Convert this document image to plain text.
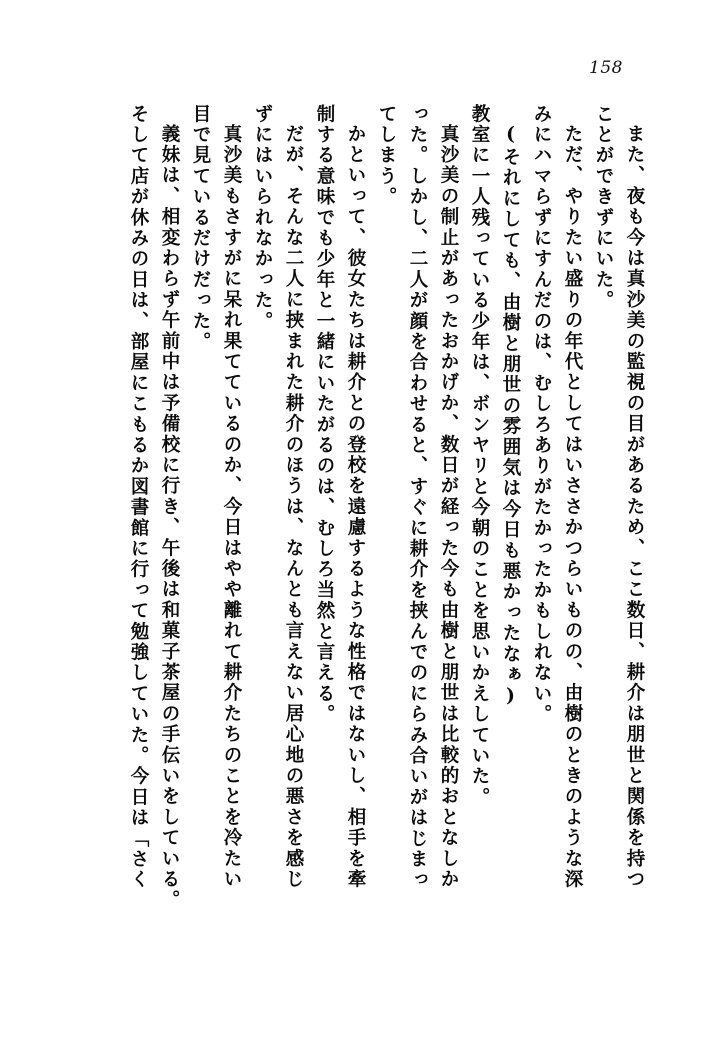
158
また、夜も今は真沙美の監視の目があるため、ここ数日、耕介は朋世と関係を持つ
ことができずにいた。
ただ、やりたい盛りの年代としてはいささかつらいものの、由樹のときのような深
みにハマらずにすんだのは、むしろありがたかったかもしれない。
(それにしても、由樹と朋世の雰囲気は今日も悪かったなぁ)
教室に一人残っている少年は、ボンヤリと今朝のことを思いかえしていた。
真沙美の制止があったおかげか、数日が経った今も由樹と朋世は比較的おとなしか
った。しかし、二人が顔を合わせると、すぐに耕介を挟んでのにらみ合いがはじまっ
てしまう。
かといって、彼女たちは耕介との登校を遠慮するような性格ではないし、相手を牽
制する意味でも少年と一緒にいたがるのは、むしろ当然と言える。
だが、そんな二人に挟まれた耕介のほうは、なんとも言えない居心地の悪さを感じ
ずにはいられなかった。
真沙美もさすがに呆れ果てているのか、今日はやや離れて耕介たちのことを冷たい
目で見ているだけだった。
義妹は、相変わらず午前中は予備校に行き、午後は和菓子茶屋の手伝いをしている。
そして店が休みの日は、部屋にこもるか図書館に行って勉強していた。今日は「さく
